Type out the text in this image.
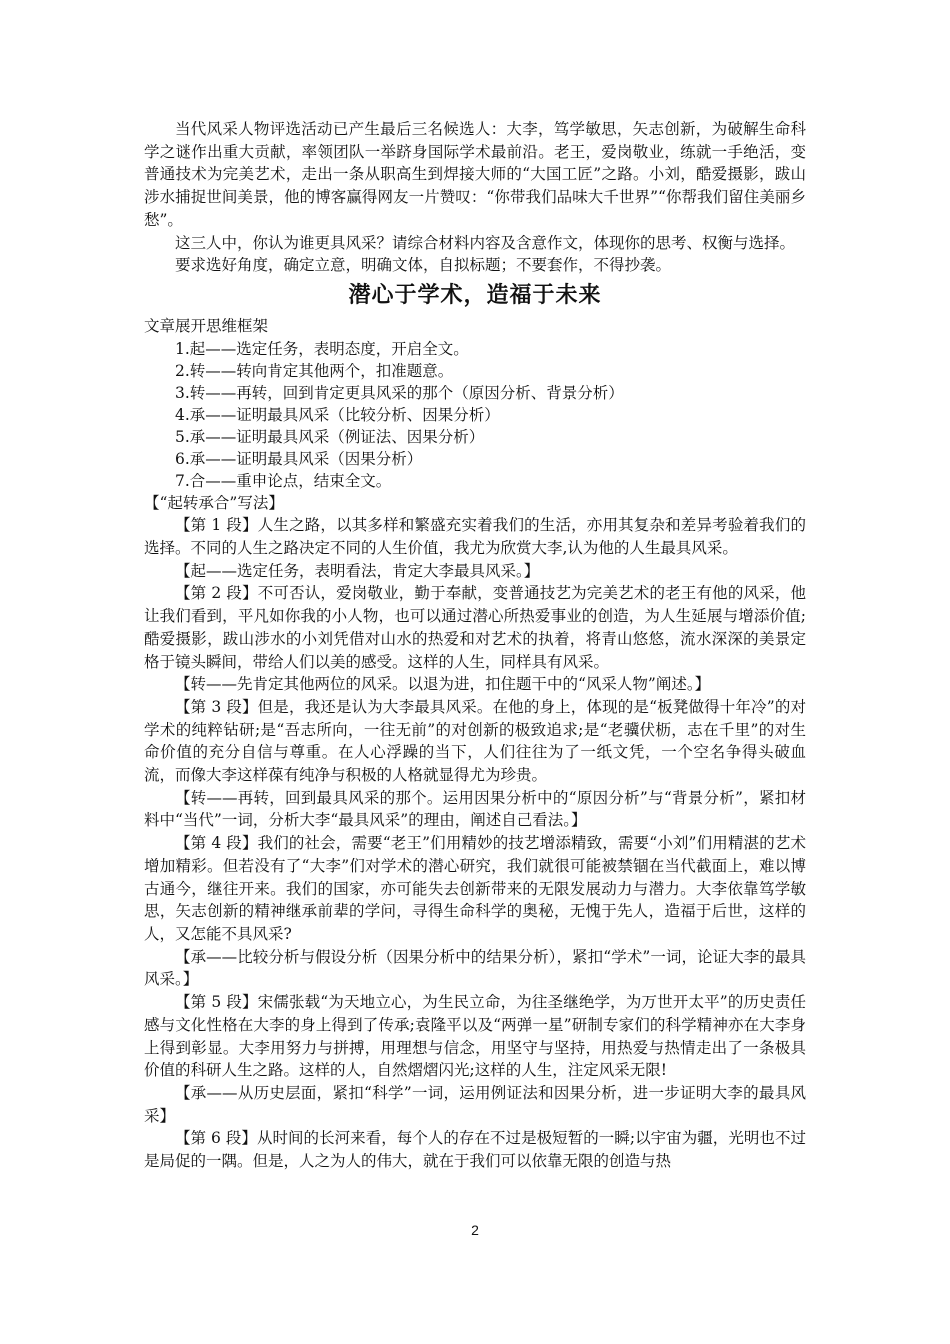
当代风采人物评选活动已产生最后三名候选人：大李，笃学敏思，矢志创新，为破解生命科学之谜作出重大贡献，率领团队一举跻身国际学术最前沿。老王，爱岗敬业，练就一手绝活，变普通技术为完美艺术，走出一条从职高生到焊接大师的“大国工匠”之路。小刘，酷爱摄影，跋山涉水捕捉世间美景，他的博客赢得网友一片赞叹：“你带我们品味大千世界”“你帮我们留住美丽乡愁”。

这三人中，你认为谁更具风采？请综合材料内容及含意作文，体现你的思考、权衡与选择。

要求选好角度，确定立意，明确文体，自拟标题；不要套作，不得抄袭。

潜心于学术，造福于未来

文章展开思维框架

1.起——选定任务，表明态度，开启全文。
2.转——转向肯定其他两个，扣准题意。
3.转——再转，回到肯定更具风采的那个（原因分析、背景分析）
4.承——证明最具风采（比较分析、因果分析）
5.承——证明最具风采（例证法、因果分析）
6.承——证明最具风采（因果分析）
7.合——重申论点，结束全文。

【“起转承合”写法】

【第 1 段】人生之路，以其多样和繁盛充实着我们的生活，亦用其复杂和差异考验着我们的选择。不同的人生之路决定不同的人生价值，我尤为欣赏大李,认为他的人生最具风采。

【起——选定任务，表明看法，肯定大李最具风采。】

【第 2 段】不可否认，爱岗敬业，勤于奉献，变普通技艺为完美艺术的老王有他的风采，他让我们看到，平凡如你我的小人物，也可以通过潜心所热爱事业的创造，为人生延展与增添价值;酷爱摄影，跋山涉水的小刘凭借对山水的热爱和对艺术的执着，将青山悠悠，流水深深的美景定格于镜头瞬间，带给人们以美的感受。这样的人生，同样具有风采。

【转——先肯定其他两位的风采。以退为进，扣住题干中的“风采人物”阐述。】

【第 3 段】但是，我还是认为大李最具风采。在他的身上，体现的是“板凳做得十年冷”的对学术的纯粹钻研;是“吾志所向，一往无前”的对创新的极致追求;是“老骥伏枥，志在千里”的对生命价值的充分自信与尊重。在人心浮躁的当下，人们往往为了一纸文凭，一个空名争得头破血流，而像大李这样葆有纯净与积极的人格就显得尤为珍贵。

【转——再转，回到最具风采的那个。运用因果分析中的“原因分析”与“背景分析”，紧扣材料中“当代”一词，分析大李“最具风采”的理由，阐述自己看法。】

【第 4 段】我们的社会，需要“老王”们用精妙的技艺增添精致，需要“小刘”们用精湛的艺术增加精彩。但若没有了“大李”们对学术的潜心研究，我们就很可能被禁锢在当代截面上，难以博古通今，继往开来。我们的国家，亦可能失去创新带来的无限发展动力与潜力。大李依靠笃学敏思，矢志创新的精神继承前辈的学问，寻得生命科学的奥秘，无愧于先人，造福于后世，这样的人，又怎能不具风采?

【承——比较分析与假设分析（因果分析中的结果分析），紧扣“学术”一词，论证大李的最具风采。】

【第 5 段】宋儒张载“为天地立心，为生民立命，为往圣继绝学，为万世开太平”的历史责任感与文化性格在大李的身上得到了传承;袁隆平以及“两弹一星”研制专家们的科学精神亦在大李身上得到彰显。大李用努力与拼搏，用理想与信念，用坚守与坚持，用热爱与热情走出了一条极具价值的科研人生之路。这样的人，自然熠熠闪光;这样的人生，注定风采无限!

【承——从历史层面，紧扣“科学”一词，运用例证法和因果分析，进一步证明大李的最具风采】

【第 6 段】从时间的长河来看，每个人的存在不过是极短暂的一瞬;以宇宙为疆，光明也不过是局促的一隅。但是，人之为人的伟大，就在于我们可以依靠无限的创造与热

2
